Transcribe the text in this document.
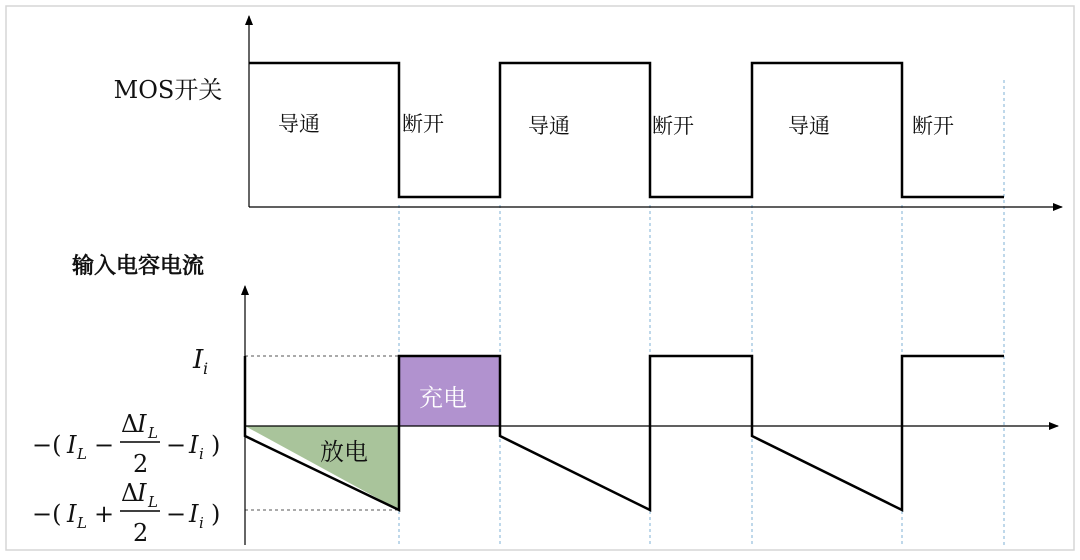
MOS开关
导通	断开	导通	断开	导通	断开
输入电容电流
放电
充电
I i
−( I L −
Δ
I L
2
− I i )
−( I L +
Δ
I L
2
− I i )
